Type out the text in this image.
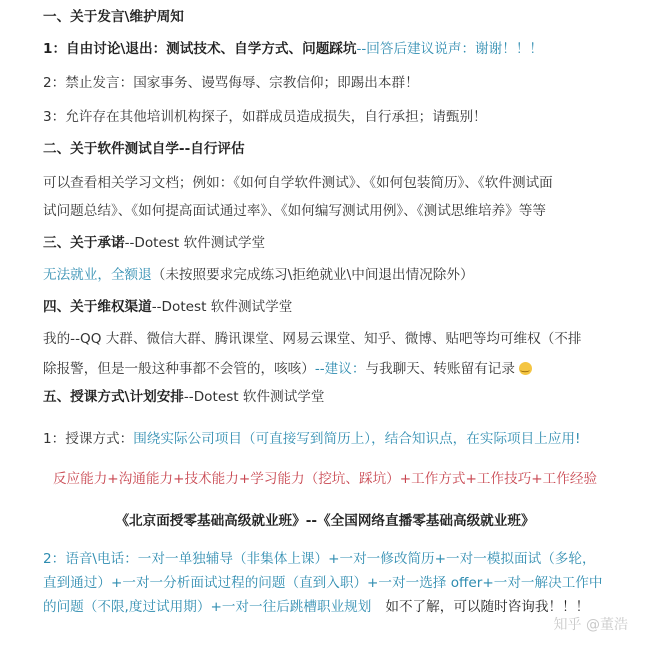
一、关于发言\维护周知
1：自由讨论\退出：测试技术、自学方式、问题踩坑--回答后建议说声：谢谢！！！
2：禁止发言：国家事务、谩骂侮辱、宗教信仰；即踢出本群！
3：允许存在其他培训机构探子，如群成员造成损失，自行承担；请甄别！
二、关于软件测试自学--自行评估
可以查看相关学习文档；例如：《如何自学软件测试》、《如何包装简历》、《软件测试面
试问题总结》、《如何提高面试通过率》、《如何编写测试用例》、《测试思维培养》等等
三、关于承诺--Dotest 软件测试学堂
无法就业，全额退（未按照要求完成练习\拒绝就业\中间退出情况除外）
四、关于维权渠道--Dotest 软件测试学堂
我的--QQ 大群、微信大群、腾讯课堂、网易云课堂、知乎、微博、贴吧等均可维权（不排
除报警，但是一般这种事都不会管的，咳咳）--建议：与我聊天、转账留有记录‿
五、授课方式\计划安排--Dotest 软件测试学堂
1：授课方式：围绕实际公司项目（可直接写到简历上），结合知识点，在实际项目上应用!
反应能力+沟通能力+技术能力+学习能力（挖坑、踩坑）+工作方式+工作技巧+工作经验
《北京面授零基础高级就业班》--《全国网络直播零基础高级就业班》
2：语音\电话：一对一单独辅导（非集体上课）+一对一修改简历+一对一模拟面试（多轮，
直到通过）+一对一分析面试过程的问题（直到入职）+一对一选择 offer+一对一解决工作中
的问题（不限,度过试用期）+一对一往后跳槽职业规划 如不了解，可以随时咨询我！！！
知乎 @董浩
